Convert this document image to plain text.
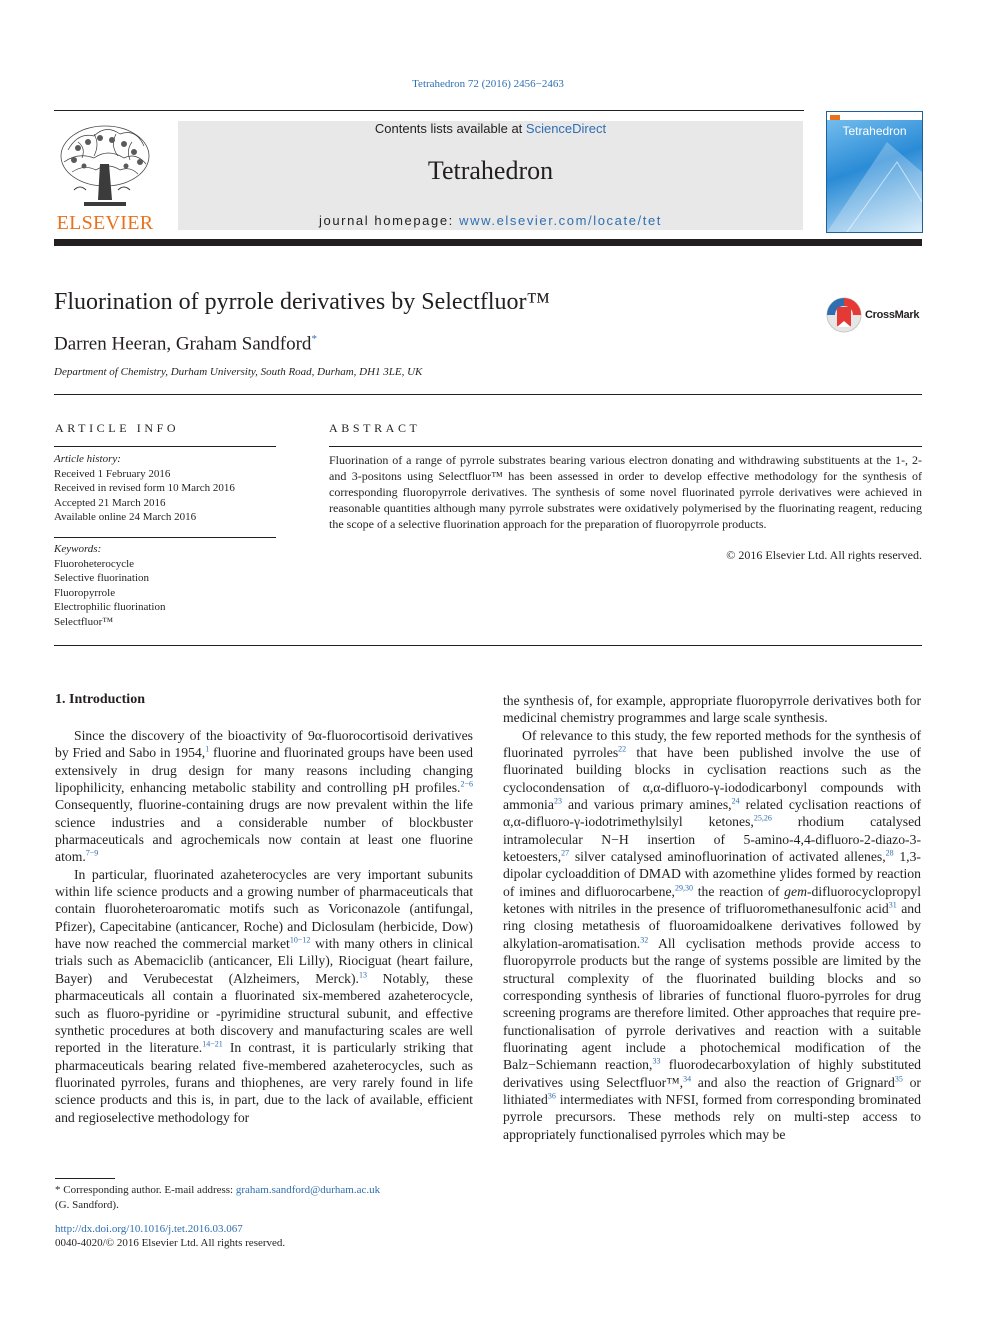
Tetrahedron 72 (2016) 2456−2463
ELSEVIER
Contents lists available at ScienceDirect
Tetrahedron
journal homepage: www.elsevier.com/locate/tet
Tetrahedron
Fluorination of pyrrole derivatives by Selectfluor™	CrossMark
Darren Heeran, Graham Sandford*
Department of Chemistry, Durham University, South Road, Durham, DH1 3LE, UK
ARTICLE INFO	ABSTRACT
Article history:
Received 1 February 2016
Received in revised form 10 March 2016
Accepted 21 March 2016
Available online 24 March 2016
Keywords:
Fluoroheterocycle
Selective fluorination
Fluoropyrrole
Electrophilic fluorination
Selectfluor™
Fluorination of a range of pyrrole substrates bearing various electron donating and withdrawing substituents at the 1-, 2- and 3-positons using Selectfluor™ has been assessed in order to develop effective methodology for the synthesis of corresponding fluoropyrrole derivatives. The synthesis of some novel fluorinated pyrrole derivatives were achieved in reasonable quantities although many pyrrole substrates were oxidatively polymerised by the fluorinating reagent, reducing the scope of a selective fluorination approach for the preparation of fluoropyrrole products.
© 2016 Elsevier Ltd. All rights reserved.
1. Introduction

Since the discovery of the bioactivity of 9α-fluorocortisoid derivatives by Fried and Sabo in 1954,$^1$ fluorine and fluorinated groups have been used extensively in drug design for many reasons including changing lipophilicity, enhancing metabolic stability and controlling pH profiles.$^{2-6}$ Consequently, fluorine-containing drugs are now prevalent within the life science industries and a considerable number of blockbuster pharmaceuticals and agrochemicals now contain at least one fluorine atom.$^{7-9}$

In particular, fluorinated azaheterocycles are very important subunits within life science products and a growing number of pharmaceuticals that contain fluoroheteroaromatic motifs such as Voriconazole (antifungal, Pfizer), Capecitabine (anticancer, Roche) and Diclosulam (herbicide, Dow) have now reached the commercial market$^{10-12}$ with many others in clinical trials such as Abemaciclib (anticancer, Eli Lilly), Riociguat (heart failure, Bayer) and Verubecestat (Alzheimers, Merck).$^{13}$ Notably, these pharmaceuticals all contain a fluorinated six-membered azaheterocycle, such as fluoro-pyridine or -pyrimidine structural subunit, and effective synthetic procedures at both discovery and manufacturing scales are well reported in the literature.$^{14-21}$ In contrast, it is particularly striking that pharmaceuticals bearing related five-membered azaheterocycles, such as fluorinated pyrroles, furans and thiophenes, are very rarely found in life science products and this is, in part, due to the lack of available, efficient and regioselective methodology for

the synthesis of, for example, appropriate fluoropyrrole derivatives both for medicinal chemistry programmes and large scale synthesis.

Of relevance to this study, the few reported methods for the synthesis of fluorinated pyrroles$^{22}$ that have been published involve the use of fluorinated building blocks in cyclisation reactions such as the cyclocondensation of α,α-difluoro-γ-iododicarbonyl compounds with ammonia$^{23}$ and various primary amines,$^{24}$ related cyclisation reactions of α,α-difluoro-γ-iodotrimethylsilyl ketones,$^{25,26}$ rhodium catalysed intramolecular N−H insertion of 5-amino-4,4-difluoro-2-diazo-3-ketoesters,$^{27}$ silver catalysed aminofluorination of activated allenes,$^{28}$ 1,3-dipolar cycloaddition of DMAD with azomethine ylides formed by reaction of imines and difluorocarbene,$^{29,30}$ the reaction of gem-difluorocyclopropyl ketones with nitriles in the presence of trifluoromethanesulfonic acid$^{31}$ and ring closing metathesis of fluoroamidoalkene derivatives followed by alkylation-aromatisation.$^{32}$ All cyclisation methods provide access to fluoropyrrole products but the range of systems possible are limited by the structural complexity of the fluorinated building blocks and so corresponding synthesis of libraries of functional fluoro-pyrroles for drug screening programs are therefore limited. Other approaches that require pre-functionalisation of pyrrole derivatives and reaction with a suitable fluorinating agent include a photochemical modification of the Balz−Schiemann reaction,$^{33}$ fluorodecarboxylation of highly substituted derivatives using Selectfluor™,$^{34}$ and also the reaction of Grignard$^{35}$ or lithiated$^{36}$ intermediates with NFSI, formed from corresponding brominated pyrrole precursors. These methods rely on multi-step access to appropriately functionalised pyrroles which may be

* Corresponding author. E-mail address: graham.sandford@durham.ac.uk
(G. Sandford).
http://dx.doi.org/10.1016/j.tet.2016.03.067
0040-4020/© 2016 Elsevier Ltd. All rights reserved.
